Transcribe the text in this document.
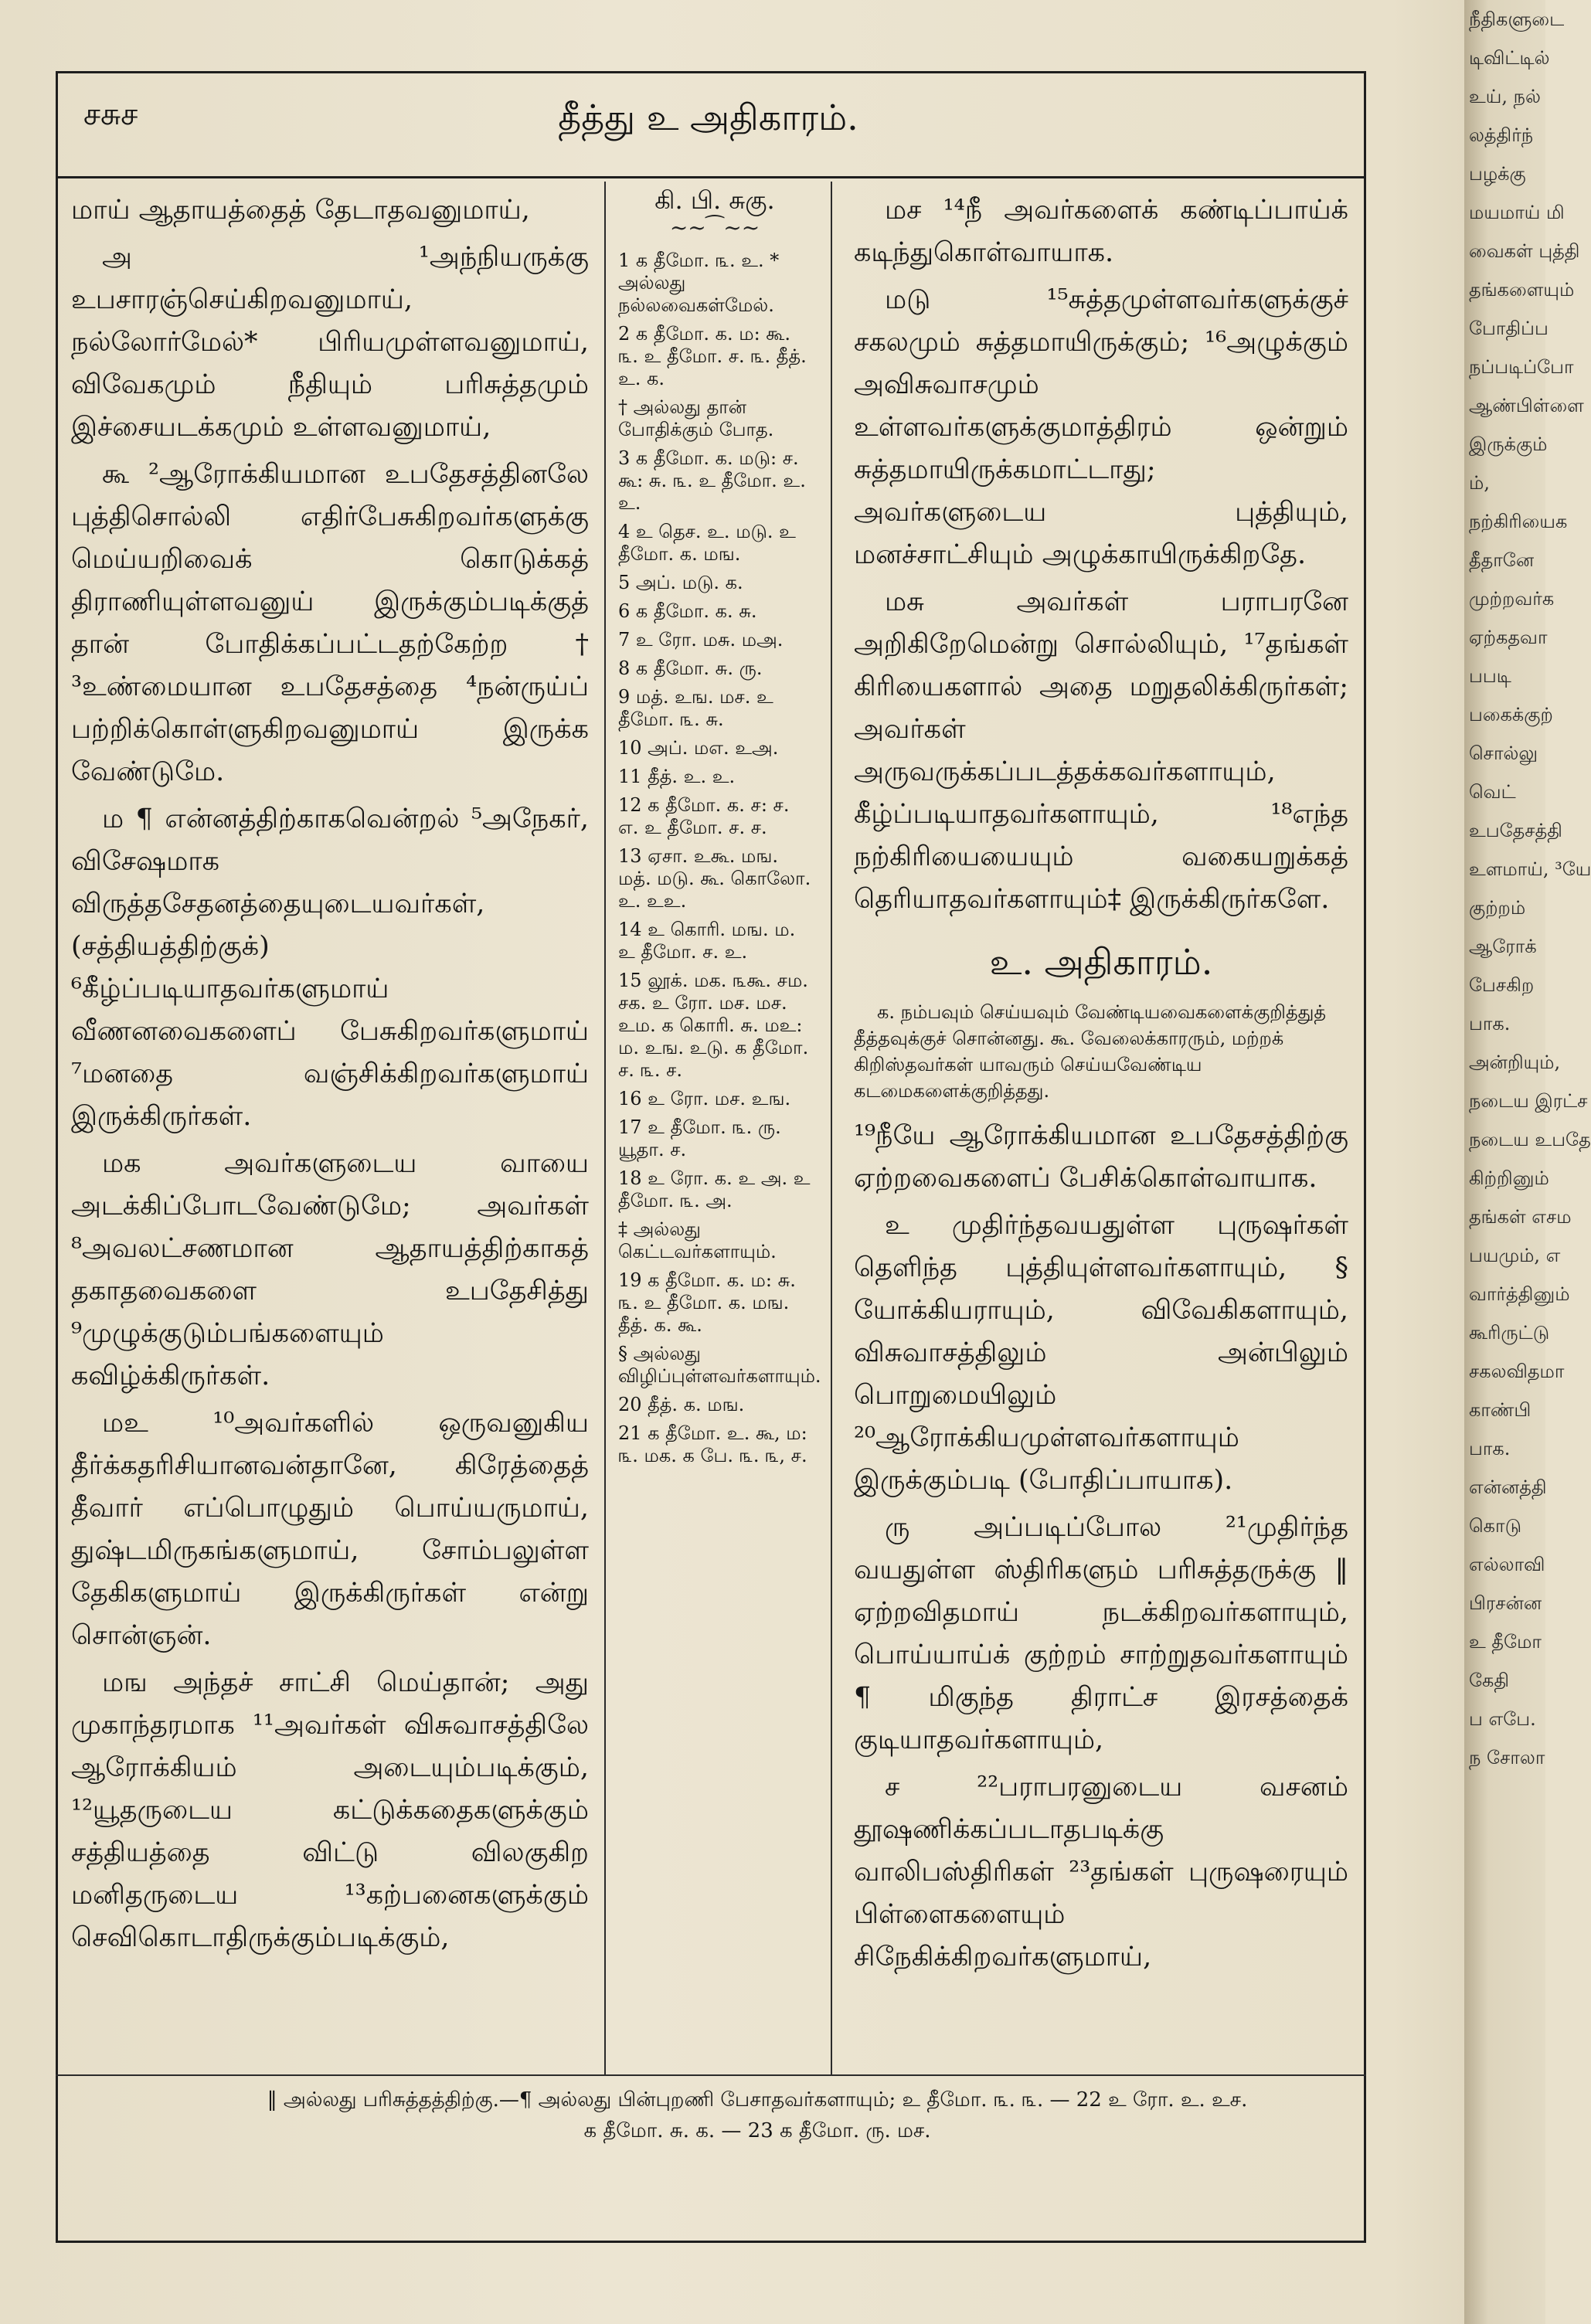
நீதிகளுடை
டிவிட்டில்
உய், நல்
லத்திர்ந்
பழக்கு
மயமாய் மி
வைகள் புத்தி
தங்களையும்
போதிப்ப
நப்படிப்போ
ஆண்பிள்ளை
இருக்கும்
ம்,
நற்கிரியைக
தீதானே
முற்றவர்க
ஏற்கதவா
பபடி
பகைக்குற்
சொல்லு
வெட்
உபதேசத்தி
உளமாய், ³யே
குற்றம்
ஆரோக்
பேசகிற
பாக.
அன்றியும்,
நடைய இரட்ச
நடைய உபதே
கிற்றினும்
தங்கள் எசம
பயமும், எ
வார்த்தினும்
கூரிருட்டு
சகலவிதமா
காண்பி
பாக.
என்னத்தி
கொடு
எல்லாவி
பிரசன்ன
உ தீமோ
கேதி
ப எபே.
ந சோலா
சசுச	தீத்து உ அதிகாரம்.

மாய் ஆதாயத்தைத் தேடாதவனுமாய்,

அ ¹அந்நியருக்கு உபசாரஞ்செய்கிறவனுமாய், நல்லோர்மேல்* பிரியமுள்ளவனுமாய், விவேகமும் நீதியும் பரிசுத்தமும் இச்சையடக்கமும் உள்ளவனுமாய்,

கூ ²ஆரோக்கியமான உபதேசத்தினலே புத்திசொல்லி எதிர்பேசுகிறவர்களுக்கு மெய்யறிவைக் கொடுக்கத் திராணியுள்ளவனுய் இருக்கும்படிக்குத் தான் போதிக்கப்பட்டதற்கேற்ற† ³உண்மையான உபதேசத்தை ⁴நன்ருய்ப் பற்றிக்கொள்ளுகிறவனுமாய் இருக்க வேண்டுமே.

ம ¶ என்னத்திற்காகவென்றல் ⁵அநேகர், விசேஷமாக விருத்தசேதனத்தையுடையவர்கள், (சத்தியத்திற்குக்) ⁶கீழ்ப்படியாதவர்களுமாய் வீணனவைகளைப் பேசுகிறவர்களுமாய் ⁷மனதை வஞ்சிக்கிறவர்களுமாய் இருக்கிருர்கள்.

மக அவர்களுடைய வாயை அடக்கிப்போடவேண்டுமே; அவர்கள் ⁸அவலட்சணமான ஆதாயத்திற்காகத் தகாதவைகளை உபதேசித்து ⁹முழுக்குடும்பங்களையும் கவிழ்க்கிருர்கள்.

மஉ ¹⁰அவர்களில் ஒருவனுகிய தீர்க்கதரிசியானவன்தானே, கிரேத்தைத் தீவார் எப்பொழுதும் பொய்யருமாய், துஷ்டமிருகங்களுமாய், சோம்பலுள்ள தேகிகளுமாய் இருக்கிருர்கள் என்று சொன்ஞன்.

மங அந்தச் சாட்சி மெய்தான்; அது முகாந்தரமாக ¹¹அவர்கள் விசுவாசத்திலே ஆரோக்கியம் அடையும்படிக்கும், ¹²யூதருடைய கட்டுக்கதைகளுக்கும் சத்தியத்தை விட்டு விலகுகிற மனிதருடைய ¹³கற்பனைகளுக்கும் செவிகொடாதிருக்கும்படிக்கும்,

கி. பி. சுகு.
~~⁀~~
1 க தீமோ. ௩. உ. * அல்லது நல்லவைகள்மேல்.
2 க தீமோ. க. ம: கூ. ௩. உ தீமோ. ச. ௩. தீத். உ. க.
† அல்லது தான் போதிக்கும் போத.
3 க தீமோ. க. மடு: ச. கூ: சு. ௩. உ தீமோ. உ. உ.
4 உ தெச. உ. மடு. உ தீமோ. க. மங.
5 அப். மடு. க.
6 க தீமோ. க. சு.
7 உ ரோ. மசு. மஅ.
8 க தீமோ. சு. ரு.
9 மத். உங. மச. உ தீமோ. ௩. சு.
10 அப். மஎ. உஅ.
11 தீத். உ. உ.
12 க தீமோ. க. ச: ச. எ. உ தீமோ. ச. ச.
13 ஏசா. உகூ. மங. மத். மடு. கூ. கொலோ. உ. உஉ.
14 உ கொரி. மங. ம. உ தீமோ. ச. உ.
15 லூக். மக. ௩கூ. சம. சக. உ ரோ. மச. மச. உம. க கொரி. சு. மஉ: ம. உங. உடு. க தீமோ. ச. ௩. ச.
16 உ ரோ. மச. உங.
17 உ தீமோ. ௩. ரு. யூதா. ச.
18 உ ரோ. க. உ அ. உ தீமோ. ௩. அ.
‡ அல்லது கெட்டவர்களாயும்.
19 க தீமோ. க. ம: சு. ௩. உ தீமோ. க. மங. தீத். க. கூ.
§ அல்லது விழிப்புள்ளவர்களாயும்.
20 தீத். க. மங.
21 க தீமோ. உ. கூ, ம: ௩. மக. க பே. ௩. ௩, ச.

மச ¹⁴நீ அவர்களைக் கண்டிப்பாய்க் கடிந்துகொள்வாயாக.

மடு ¹⁵சுத்தமுள்ளவர்களுக்குச் சகலமும் சுத்தமாயிருக்கும்; ¹⁶அழுக்கும் அவிசுவாசமும் உள்ளவர்களுக்குமாத்திரம் ஒன்றும் சுத்தமாயிருக்கமாட்டாது; அவர்களுடைய புத்தியும், மனச்சாட்சியும் அழுக்காயிருக்கிறதே.

மசு அவர்கள் பராபரனே அறிகிறேமென்று சொல்லியும், ¹⁷தங்கள் கிரியைகளால் அதை மறுதலிக்கிருர்கள்; அவர்கள் அருவருக்கப்படத்தக்கவர்களாயும், கீழ்ப்படியாதவர்களாயும், ¹⁸எந்த நற்கிரியையையும் வகையறுக்கத் தெரியாதவர்களாயும்‡ இருக்கிருர்களே.

உ. அதிகாரம்.

க. நம்பவும் செய்யவும் வேண்டியவைகளைக்குறித்துத் தீத்தவுக்குச் சொன்னது. கூ. வேலைக்காரரும், மற்றக் கிறிஸ்தவர்கள் யாவரும் செய்யவேண்டிய கடமைகளைக்குறித்தது.

¹⁹நீயே ஆரோக்கியமான உபதேசத்திற்கு ஏற்றவைகளைப் பேசிக்கொள்வாயாக.

உ முதிர்ந்தவயதுள்ள புருஷர்கள் தெளிந்த புத்தியுள்ளவர்களாயும், § யோக்கியராயும், விவேகிகளாயும், விசுவாசத்திலும் அன்பிலும் பொறுமையிலும் ²⁰ஆரோக்கியமுள்ளவர்களாயும் இருக்கும்படி (போதிப்பாயாக).

ரு அப்படிப்போல ²¹முதிர்ந்த வயதுள்ள ஸ்திரிகளும் பரிசுத்தருக்கு ‖ ஏற்றவிதமாய் நடக்கிறவர்களாயும், பொய்யாய்க் குற்றம் சாற்றுதவர்களாயும் ¶ மிகுந்த திராட்ச இரசத்தைக் குடியாதவர்களாயும்,

ச ²²பராபரனுடைய வசனம் தூஷணிக்கப்படாதபடிக்கு வாலிபஸ்திரிகள் ²³தங்கள் புருஷரையும் பிள்ளைகளையும் சிநேகிக்கிறவர்களுமாய்,

‖ அல்லது பரிசுத்தத்திற்கு.—¶ அல்லது பின்புறணி பேசாதவர்களாயும்; உ தீமோ. ௩. ௩. — 22 உ ரோ. உ. உச.
க தீமோ. சு. க. — 23 க தீமோ. ரு. மச.
